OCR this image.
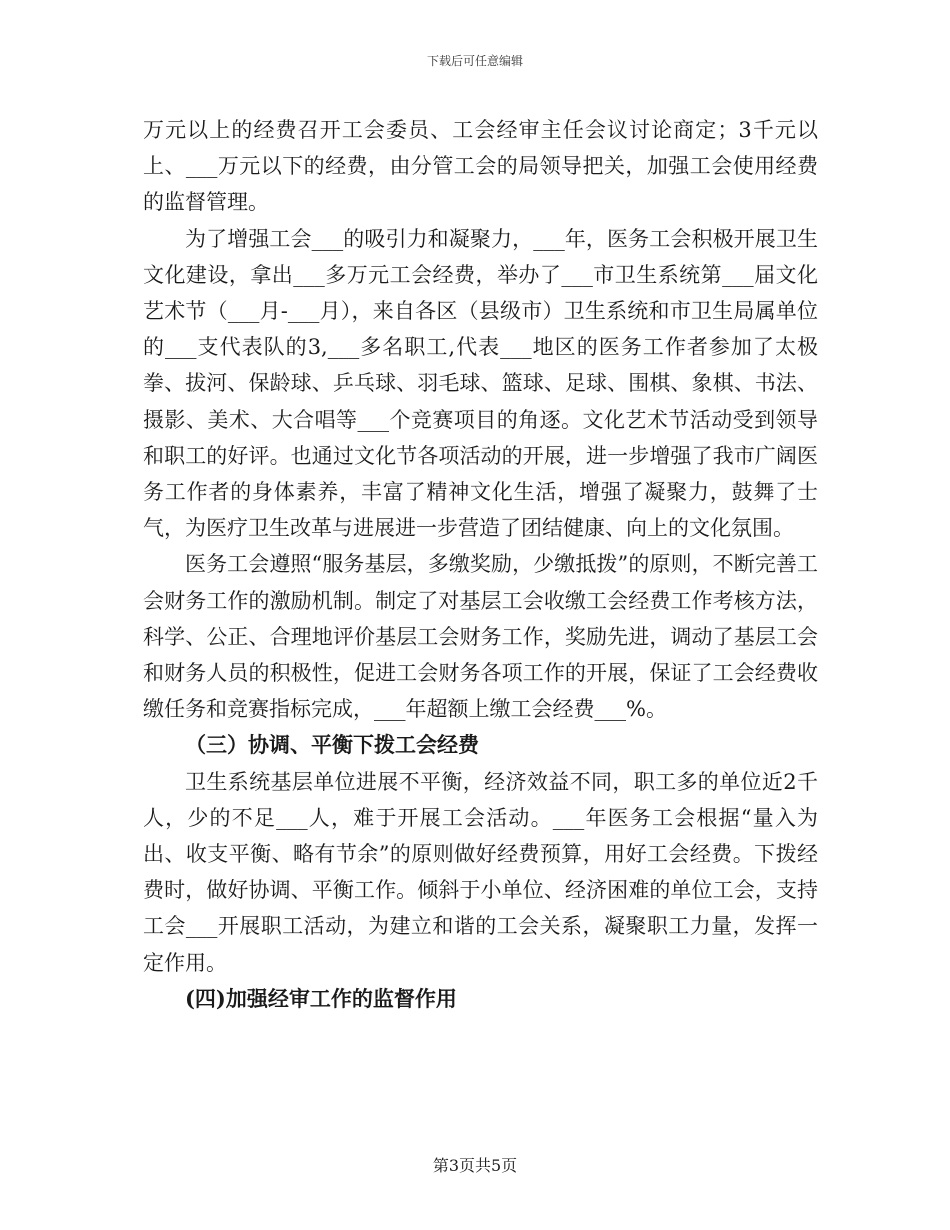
下载后可任意编辑

万元以上的经费召开工会委员、工会经审主任会议讨论商定；3千元以上、___万元以下的经费，由分管工会的局领导把关，加强工会使用经费的监督管理。

为了增强工会___的吸引力和凝聚力，___年，医务工会积极开展卫生文化建设，拿出___多万元工会经费，举办了___市卫生系统第___届文化艺术节（___月-___月），来自各区（县级市）卫生系统和市卫生局属单位的___支代表队的3,___多名职工,代表___地区的医务工作者参加了太极拳、拔河、保龄球、乒乓球、羽毛球、篮球、足球、围棋、象棋、书法、摄影、美术、大合唱等___个竞赛项目的角逐。文化艺术节活动受到领导和职工的好评。也通过文化节各项活动的开展，进一步增强了我市广阔医务工作者的身体素养，丰富了精神文化生活，增强了凝聚力，鼓舞了士气，为医疗卫生改革与进展进一步营造了团结健康、向上的文化氛围。

医务工会遵照“服务基层，多缴奖励，少缴抵拨”的原则，不断完善工会财务工作的激励机制。制定了对基层工会收缴工会经费工作考核方法，科学、公正、合理地评价基层工会财务工作，奖励先进，调动了基层工会和财务人员的积极性，促进工会财务各项工作的开展，保证了工会经费收缴任务和竞赛指标完成，___年超额上缴工会经费___%。

（三）协调、平衡下拨工会经费

卫生系统基层单位进展不平衡，经济效益不同，职工多的单位近2千人，少的不足___人，难于开展工会活动。___年医务工会根据“量入为出、收支平衡、略有节余”的原则做好经费预算，用好工会经费。下拨经费时，做好协调、平衡工作。倾斜于小单位、经济困难的单位工会，支持工会___开展职工活动，为建立和谐的工会关系，凝聚职工力量，发挥一定作用。

(四)加强经审工作的监督作用

第3页共5页
